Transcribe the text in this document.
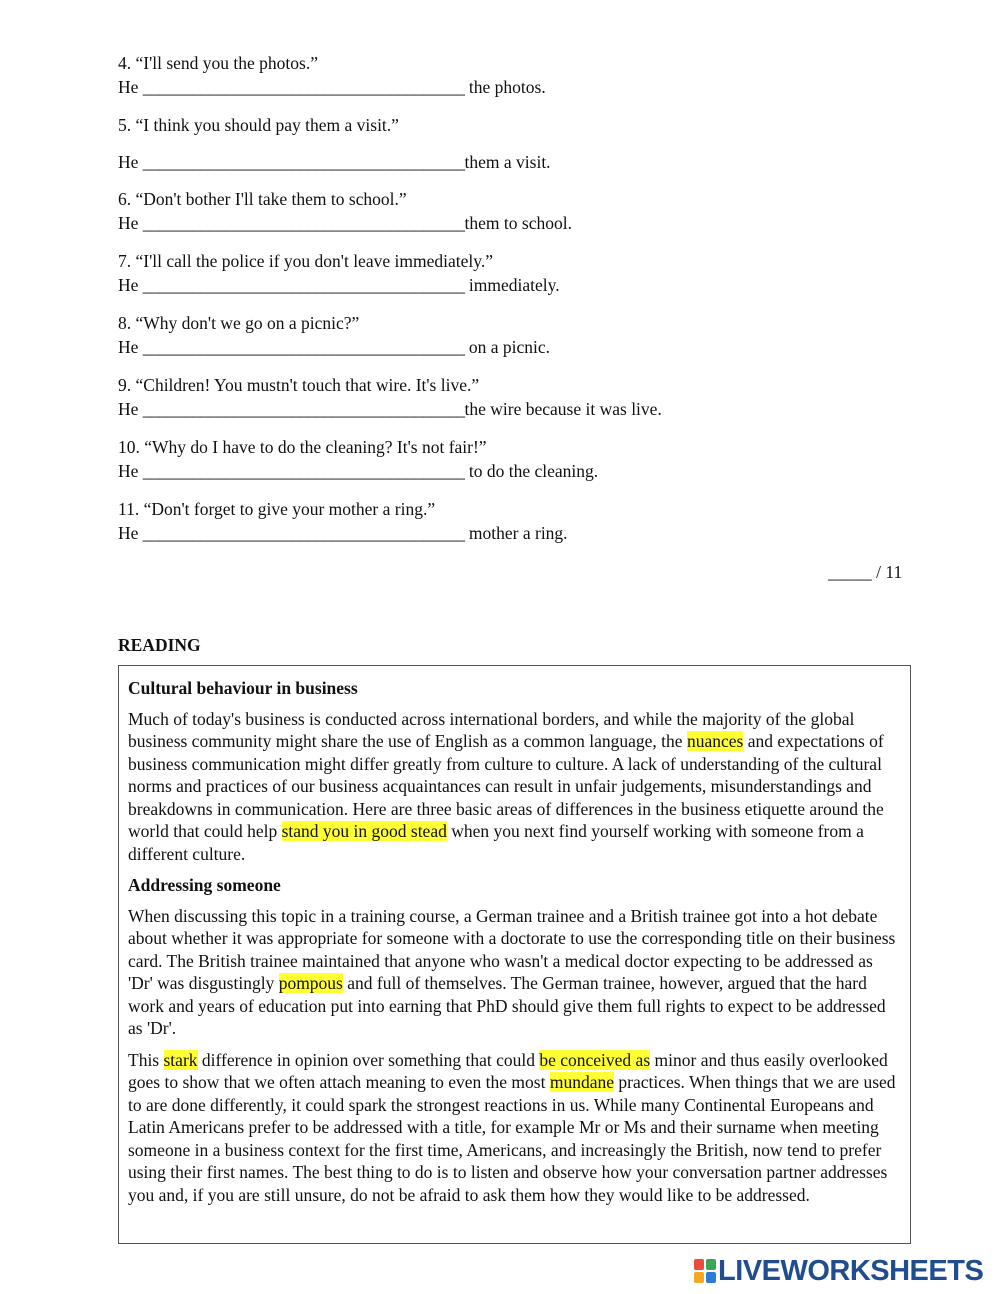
4. “I'll send you the photos.”
He _______________________________________ the photos.
5. “I think you should pay them a visit.”
He _______________________________________them a visit.
6. “Don't bother I'll take them to school.”
He _______________________________________them to school.
7. “I'll call the police if you don't leave immediately.”
He _______________________________________ immediately.
8. “Why don't we go on a picnic?”
He _______________________________________ on a picnic.
9. “Children! You mustn't touch that wire. It's live.”
He _______________________________________the wire because it was live.
10. “Why do I have to do the cleaning? It's not fair!”
He _______________________________________ to do the cleaning.
11. “Don't forget to give your mother a ring.”
He _______________________________________ mother a ring.
_____ / 11
READING
Cultural behaviour in business

Much of today's business is conducted across international borders, and while the majority of the global business community might share the use of English as a common language, the nuances and expectations of business communication might differ greatly from culture to culture. A lack of understanding of the cultural norms and practices of our business acquaintances can result in unfair judgements, misunderstandings and breakdowns in communication. Here are three basic areas of differences in the business etiquette around the world that could help stand you in good stead when you next find yourself working with someone from a different culture.

Addressing someone

When discussing this topic in a training course, a German trainee and a British trainee got into a hot debate about whether it was appropriate for someone with a doctorate to use the corresponding title on their business card. The British trainee maintained that anyone who wasn't a medical doctor expecting to be addressed as 'Dr' was disgustingly pompous and full of themselves. The German trainee, however, argued that the hard work and years of education put into earning that PhD should give them full rights to expect to be addressed as 'Dr'.

This stark difference in opinion over something that could be conceived as minor and thus easily overlooked goes to show that we often attach meaning to even the most mundane practices. When things that we are used to are done differently, it could spark the strongest reactions in us. While many Continental Europeans and Latin Americans prefer to be addressed with a title, for example Mr or Ms and their surname when meeting someone in a business context for the first time, Americans, and increasingly the British, now tend to prefer using their first names. The best thing to do is to listen and observe how your conversation partner addresses you and, if you are still unsure, do not be afraid to ask them how they would like to be addressed.

LIVEWORKSHEETS
